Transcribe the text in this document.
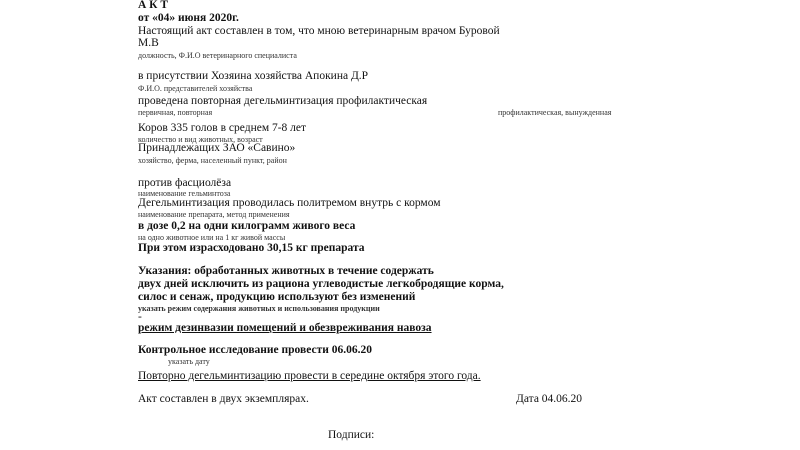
А К Т
от «04» июня 2020г.
Настоящий акт составлен в том, что мною ветеринарным врачом Буровой
М.В
должность, Ф.И.О ветеринарного специалиста
в присутствии Хозяина хозяйства Апокина Д.Р
Ф.И.О. представителей хозяйства
проведена повторная дегельминтизация профилактическая
первичная, повторная	профилактическая, вынужденная
Коров 335 голов в среднем 7-8 лет
количество и вид животных, возраст
Принадлежащих ЗАО «Савино»
хозяйство, ферма, населенный пункт, район
против фасциолёза
наименование гельминтоза
Дегельминтизация проводилась политремом внутрь с кормом
наименование препарата, метод применения
в дозе 0,2 на одни килограмм живого веса
на одно животное или на 1 кг живой массы
При этом израсходовано 30,15 кг препарата
Указания: обработанных животных в течение содержать
двух дней исключить из рациона углеводистые легкобродящие корма,
силос и сенаж, продукцию используют без изменений
указать режим содержания животных и использования продукции
-
режим дезинвазии помещений и обезвреживания навоза
Контрольное исследование провести 06.06.20
указать дату
Повторно дегельминтизацию провести в середине октября этого года.
Акт составлен в двух экземплярах.	Дата 04.06.20
Подписи:
